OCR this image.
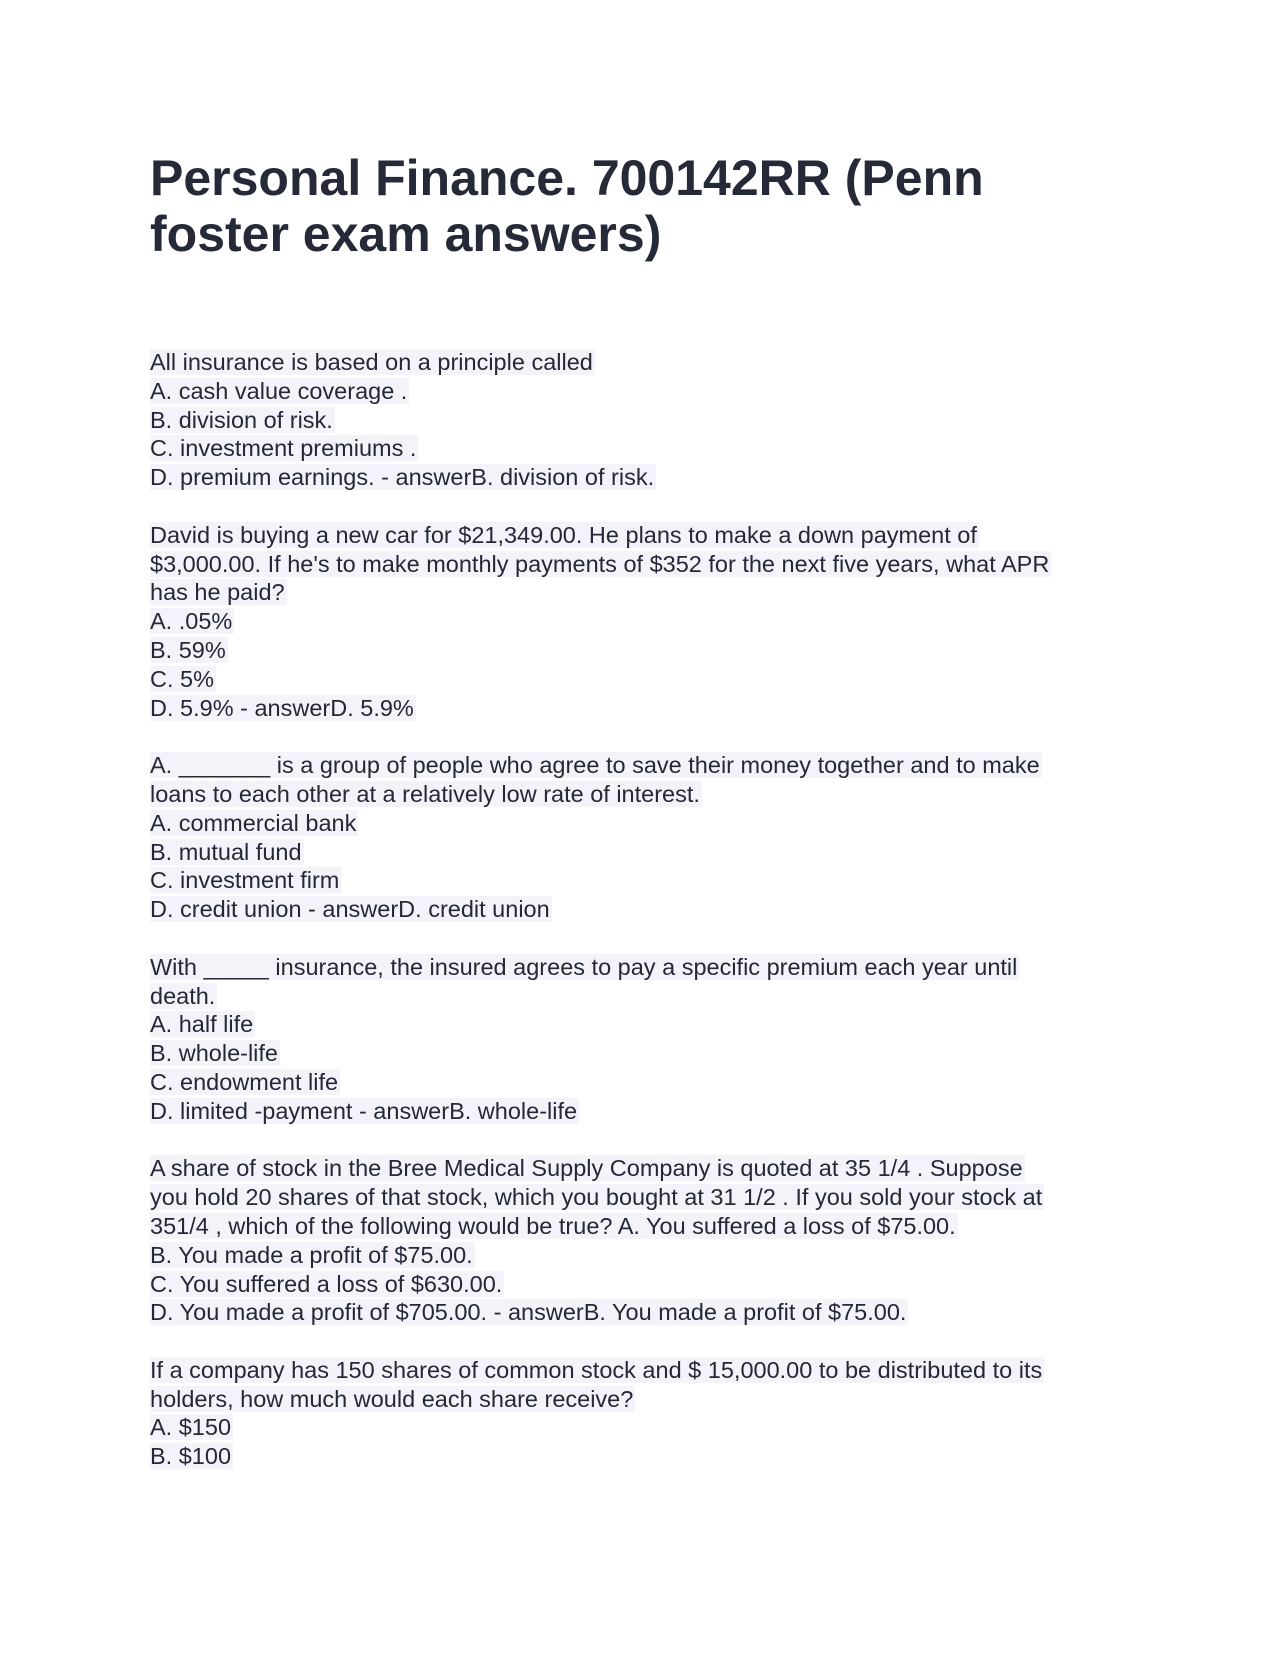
Personal Finance. 700142RR (Penn
foster exam answers)
All insurance is based on a principle called
A. cash value coverage .
B. division of risk.
C. investment premiums .
D. premium earnings. - answerB. division of risk.
David is buying a new car for $21,349.00. He plans to make a down payment of
$3,000.00. If he's to make monthly payments of $352 for the next five years, what APR
has he paid?
A. .05%
B. 59%
C. 5%
D. 5.9% - answerD. 5.9%
A. _______ is a group of people who agree to save their money together and to make
loans to each other at a relatively low rate of interest.
A. commercial bank
B. mutual fund
C. investment firm
D. credit union - answerD. credit union
With _____ insurance, the insured agrees to pay a specific premium each year until
death.
A. half life
B. whole-life
C. endowment life
D. limited -payment - answerB. whole-life
A share of stock in the Bree Medical Supply Company is quoted at 35 1/4 . Suppose
you hold 20 shares of that stock, which you bought at 31 1/2 . If you sold your stock at
351/4 , which of the following would be true? A. You suffered a loss of $75.00.
B. You made a profit of $75.00.
C. You suffered a loss of $630.00.
D. You made a profit of $705.00. - answerB. You made a profit of $75.00.
If a company has 150 shares of common stock and $ 15,000.00 to be distributed to its
holders, how much would each share receive?
A. $150
B. $100
